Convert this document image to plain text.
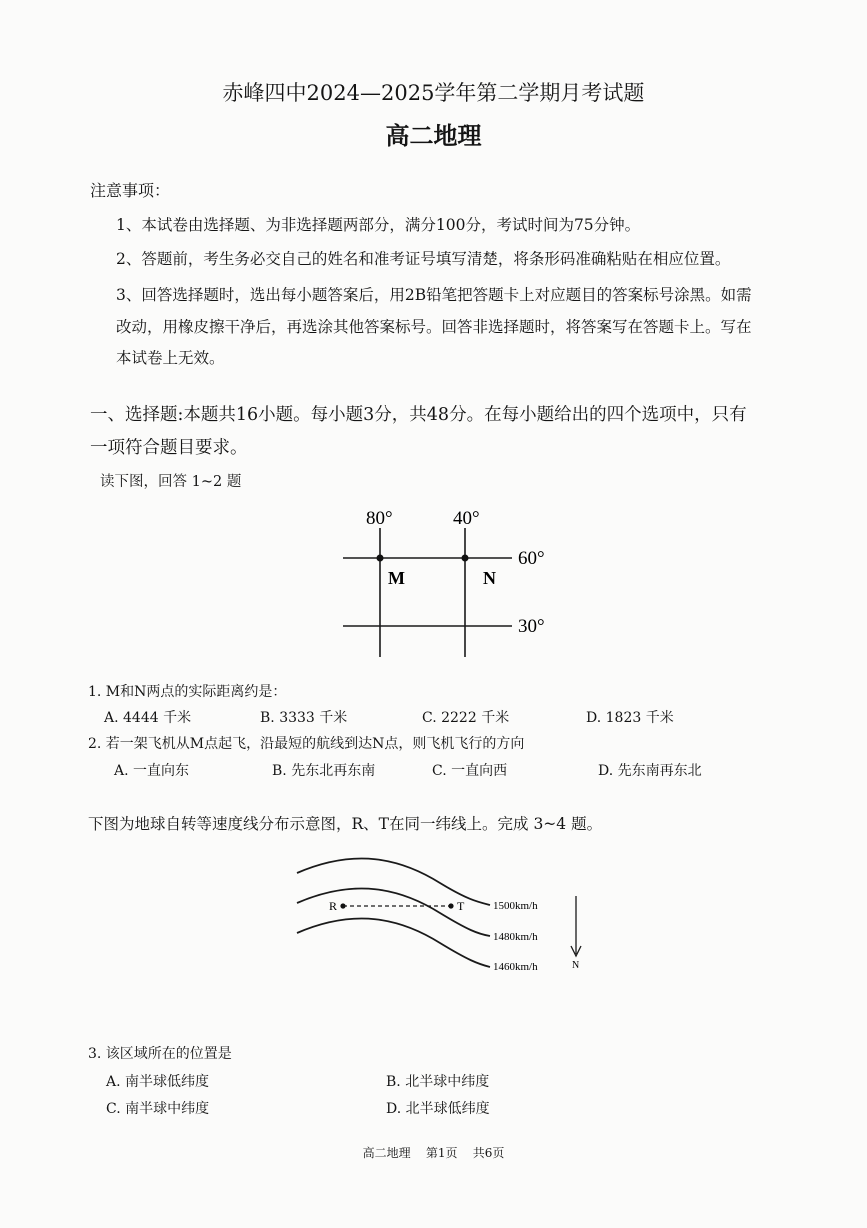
赤峰四中2024—2025学年第二学期月考试题
高二地理
注意事项：
1、本试卷由选择题、为非选择题两部分，满分100分，考试时间为75分钟。
2、答题前，考生务必交自己的姓名和准考证号填写清楚，将条形码准确粘贴在相应位置。
3、回答选择题时，选出每小题答案后，用2B铅笔把答题卡上对应题目的答案标号涂黑。如需
改动，用橡皮擦干净后，再选涂其他答案标号。回答非选择题时，将答案写在答题卡上。写在
本试卷上无效。
一、选择题:本题共16小题。每小题3分，共48分。在每小题给出的四个选项中，只有
一项符合题目要求。
读下图，回答 1~2 题
80°	40°
60°
30°
M	N
1. M和N两点的实际距离约是：
A. 4444 千米	B. 3333 千米	C. 2222 千米	D. 1823 千米
2. 若一架飞机从M点起飞，沿最短的航线到达N点，则飞机飞行的方向
A. 一直向东	B. 先东北再东南	C. 一直向西	D. 先东南再东北
下图为地球自转等速度线分布示意图，R、T在同一纬线上。完成 3~4 题。
R	T	1500km/h
1480km/h
1460km/h	N
3. 该区域所在的位置是
A. 南半球低纬度	B. 北半球中纬度
C. 南半球中纬度	D. 北半球低纬度
高二地理    第1页    共6页
